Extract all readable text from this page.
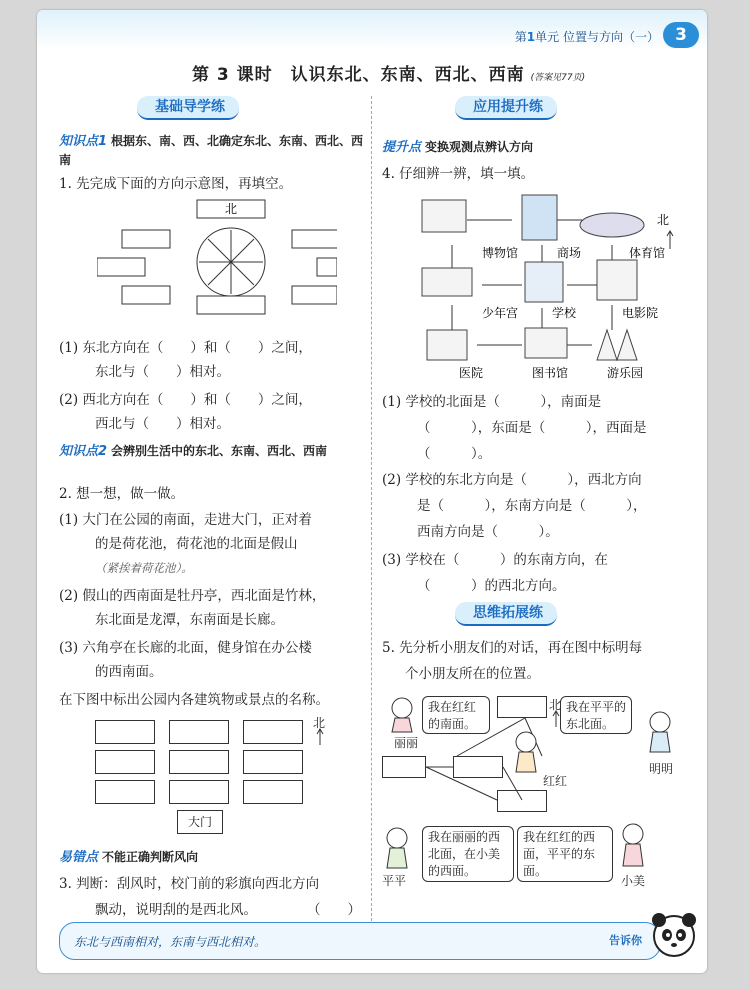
第1单元 位置与方向（一） 3
第 3 课时　认识东北、东南、西北、西南 (答案见77页)
基础导学练
知识点1 根据东、南、西、北确定东北、东南、西北、西南
1. 先完成下面的方向示意图，再填空。
北
(1) 东北方向在（　　）和（　　）之间，
东北与（　　）相对。
(2) 西北方向在（　　）和（　　）之间，
西北与（　　）相对。
知识点2 会辨别生活中的东北、东南、西北、西南
2. 想一想，做一做。
(1) 大门在公园的南面，走进大门，正对着
的是荷花池，荷花池的北面是假山
（紧挨着荷花池）。
(2) 假山的西南面是牡丹亭，西北面是竹林，
东北面是龙潭，东南面是长廊。
(3) 六角亭在长廊的北面，健身馆在办公楼
的西南面。
在下图中标出公园内各建筑物或景点的名称。
大门
北
易错点 不能正确判断风向
3. 判断：刮风时，校门前的彩旗向西北方向
飘动，说明刮的是西北风。	（　　）
应用提升练
提升点 变换观测点辨认方向
4. 仔细辨一辨，填一填。
博物馆	商场	体育馆
少年宫	学校	电影院
医院	图书馆	游乐园
北
(1) 学校的北面是（　　　），南面是
（　　　），东面是（　　　），西面是
（　　　）。
(2) 学校的东北方向是（　　　），西北方向
是（　　　），东南方向是（　　　），
西南方向是（　　　）。
(3) 学校在（　　　）的东南方向，在
（　　　）的西北方向。
思维拓展练
5. 先分析小朋友们的对话，再在图中标明每
个小朋友所在的位置。
我在红红的南面。
我在平平的东北面。
北
丽丽
明明
红红
我在丽丽的西北面，在小美的西面。
我在红红的西面，平平的东面。
平平	小美
东北与西南相对，东南与西北相对。	告诉你
